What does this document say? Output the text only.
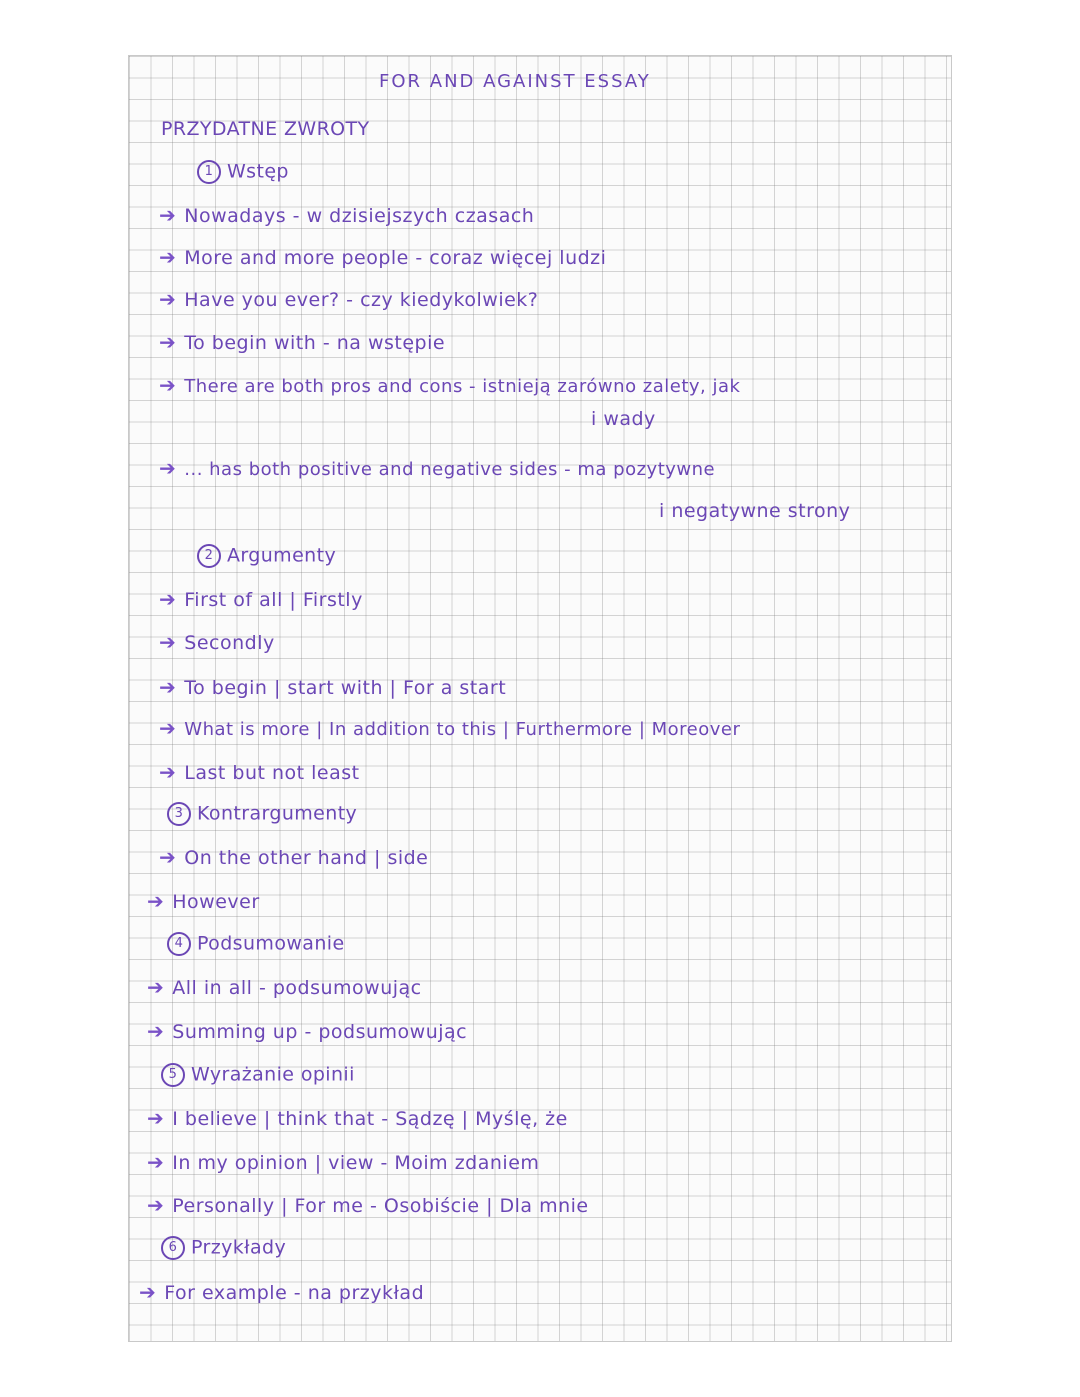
FOR AND AGAINST ESSAY
PRZYDATNE ZWROTY
1 Wstęp
➔ Nowadays - w dzisiejszych czasach
➔ More and more people - coraz więcej ludzi
➔ Have you ever? - czy kiedykolwiek?
➔ To begin with - na wstępie
➔ There are both pros and cons - istnieją zarówno zalety, jak
i wady
➔ ... has both positive and negative sides - ma pozytywne
i negatywne strony
2 Argumenty
➔ First of all | Firstly
➔ Secondly
➔ To begin | start with | For a start
➔ What is more | In addition to this | Furthermore | Moreover
➔ Last but not least
3 Kontrargumenty
➔ On the other hand | side
➔ However
4 Podsumowanie
➔ All in all - podsumowując
➔ Summing up - podsumowując
5 Wyrażanie opinii
➔ I believe | think that - Sądzę | Myślę, że
➔ In my opinion | view - Moim zdaniem
➔ Personally | For me - Osobiście | Dla mnie
6 Przykłady
➔ For example - na przykład
